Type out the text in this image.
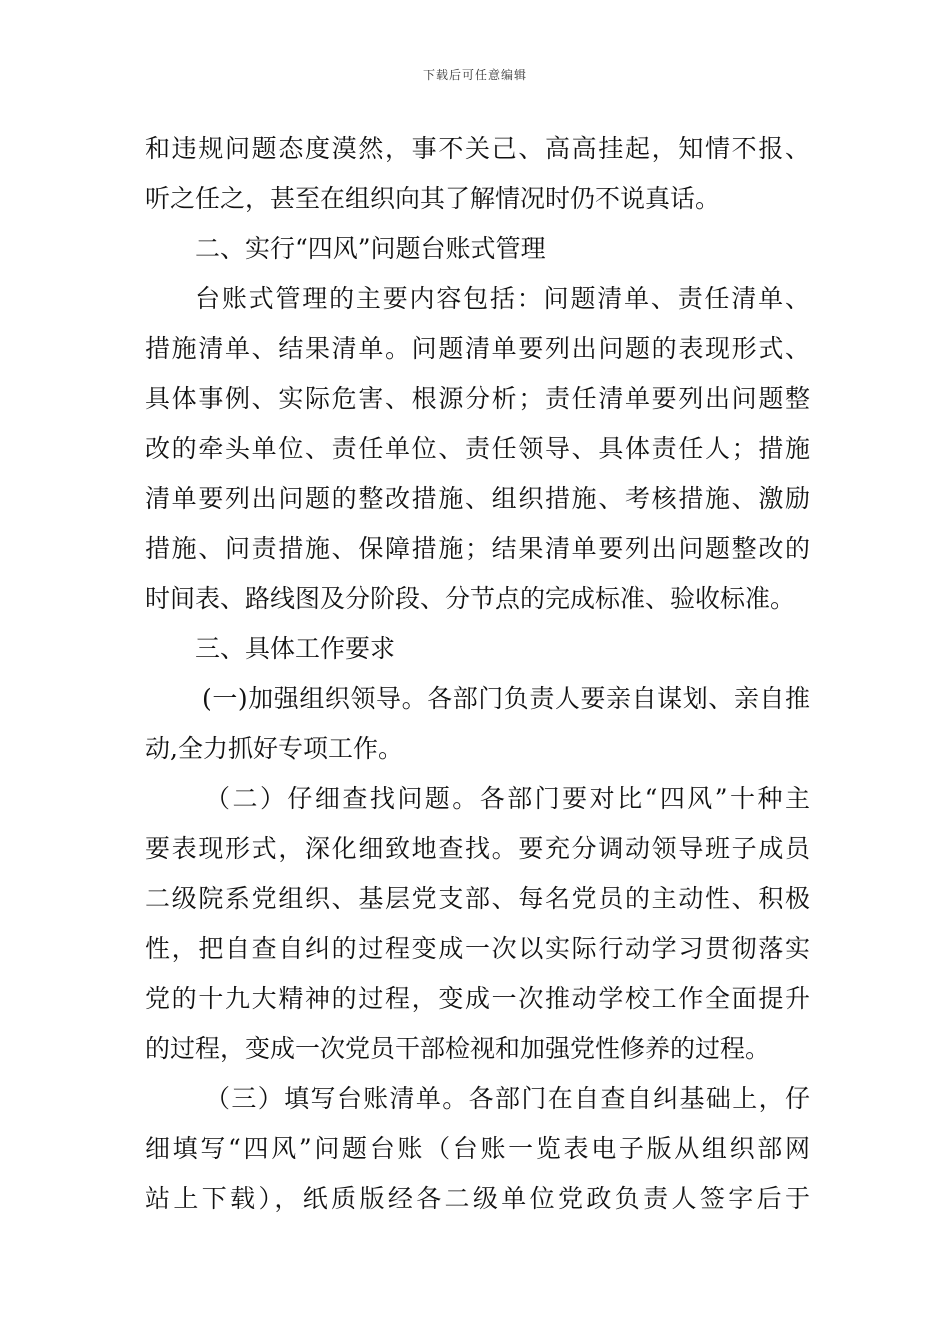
下载后可任意编辑
和违规问题态度漠然，事不关己、高高挂起，知情不报、
听之任之，甚至在组织向其了解情况时仍不说真话。
二、实行“四风”问题台账式管理
台账式管理的主要内容包括：问题清单、责任清单、
措施清单、结果清单。问题清单要列出问题的表现形式、
具体事例、实际危害、根源分析；责任清单要列出问题整
改的牵头单位、责任单位、责任领导、具体责任人；措施
清单要列出问题的整改措施、组织措施、考核措施、激励
措施、问责措施、保障措施；结果清单要列出问题整改的
时间表、路线图及分阶段、分节点的完成标准、验收标准。
三、具体工作要求
(一)加强组织领导。各部门负责人要亲自谋划、亲自推
动,全力抓好专项工作。
（二）仔细查找问题。各部门要对比“四风”十种主
要表现形式，深化细致地查找。要充分调动领导班子成员
二级院系党组织、基层党支部、每名党员的主动性、积极
性，把自查自纠的过程变成一次以实际行动学习贯彻落实
党的十九大精神的过程，变成一次推动学校工作全面提升
的过程，变成一次党员干部检视和加强党性修养的过程。
（三）填写台账清单。各部门在自查自纠基础上，仔
细填写“四风”问题台账（台账一览表电子版从组织部网
站上下载），纸质版经各二级单位党政负责人签字后于
